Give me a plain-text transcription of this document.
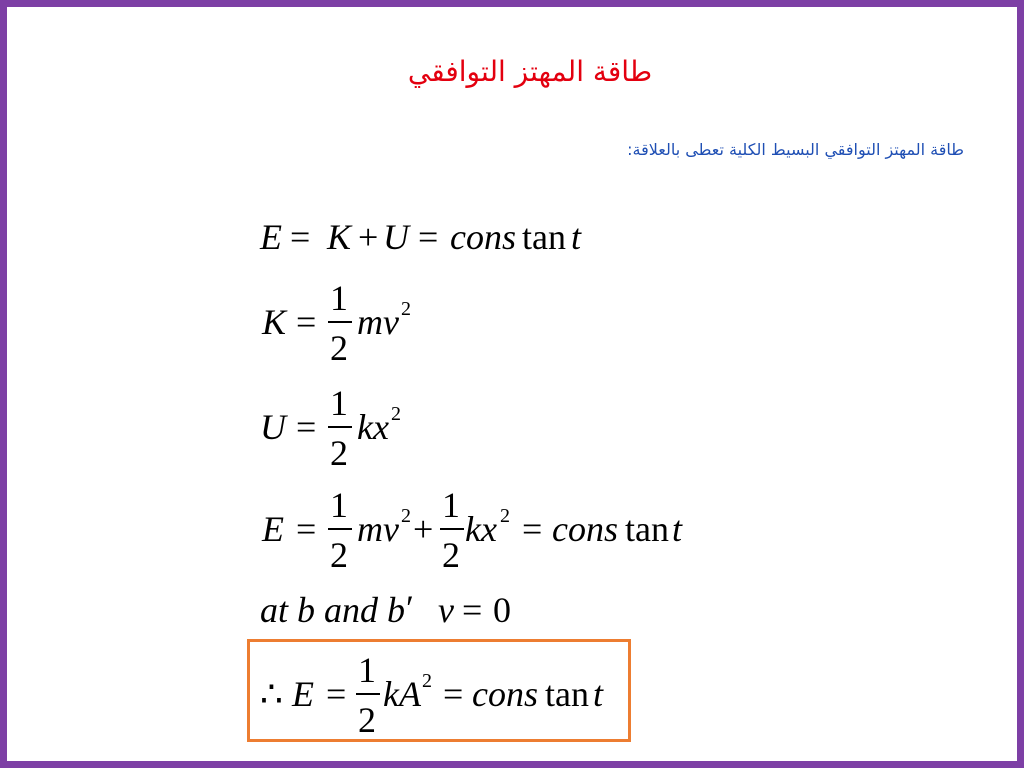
طاقة المهتز التوافقي
طاقة المهتز التوافقي البسيط الكلية تعطى بالعلاقة:
E = K + U = cons tan t
K =
1
2
mv 2
U =
1
2
kx 2
E =
1
2
mv 2 +
1
2
kx 2 = cons tan t
at b and b ′ v = 0
∴ E =
1
2
kA 2 = cons tan t
